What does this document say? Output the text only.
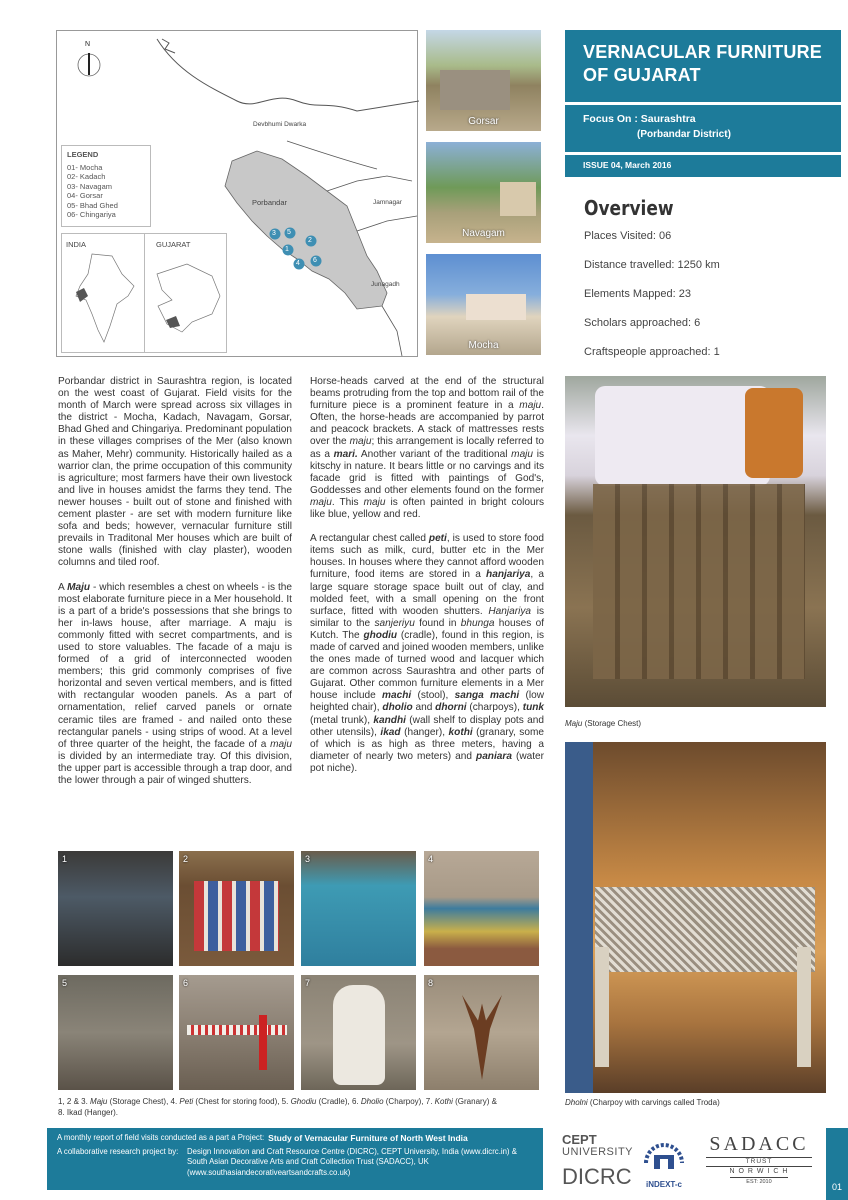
N
Devbhumi Dwarka
Porbandar	Jamnagar
Junagadh
1
2
3
4
5
6
LEGEND
01- Mocha
02- Kadach
03- Navagam
04- Gorsar
05- Bhad Ghed
06- Chingariya
INDIA	GUJARAT
Gorsar
Navagam
Mocha
VERNACULAR FURNITURE
OF GUJARAT
Focus On : Saurashtra
(Porbandar District)
ISSUE 04, March 2016
Overview
Places Visited: 06
Distance travelled: 1250 km
Elements Mapped: 23
Scholars approached: 6
Craftspeople approached: 1

Porbandar district in Saurashtra region, is located on the west coast of Gujarat. Field visits for the month of March were spread across six villages in the district - Mocha, Kadach, Navagam, Gorsar, Bhad Ghed and Chingariya. Predominant population in these villages comprises of the Mer (also known as Maher, Mehr) community. Historically hailed as a warrior clan, the prime occupation of this community is agriculture; most farmers have their own livestock and live in houses amidst the farms they tend. The newer houses - built out of stone and finished with cement plaster - are set with modern furniture like sofa and beds; however, vernacular furniture still prevails in Traditonal Mer houses which are built of stone walls (finished with clay plaster), wooden columns and tiled roof.

A Maju - which resembles a chest on wheels - is the most elaborate furniture piece in a Mer household. It is a part of a bride's possessions that she brings to her in-laws house, after marriage. A maju is commonly fitted with secret compartments, and is used to store valuables. The facade of a maju is formed of a grid of interconnected wooden members; this grid commonly comprises of five horizontal and seven vertical members, and is fitted with rectangular wooden panels. As a part of ornamentation, relief carved panels or ornate ceramic tiles are framed - and nailed onto these rectangular panels - using strips of wood. At a level of three quarter of the height, the facade of a maju is divided by an intermediate tray. Of this division, the upper part is accessible through a trap door, and the lower through a pair of winged shutters.

Horse-heads carved at the end of the structural beams protruding from the top and bottom rail of the furniture piece is a prominent feature in a maju. Often, the horse-heads are accompanied by parrot and peacock brackets. A stack of mattresses rests over the maju; this arrangement is locally referred to as a mari. Another variant of the traditional maju is kitschy in nature. It bears little or no carvings and its facade grid is fitted with paintings of God's, Goddesses and other elements found on the former maju. This maju is often painted in bright colours like blue, yellow and red.

A rectangular chest called peti, is used to store food items such as milk, curd, butter etc in the Mer houses. In houses where they cannot afford wooden furniture, food items are stored in a hanjariya, a large square storage space built out of clay, and molded feet, with a small opening on the front surface, fitted with wooden shutters. Hanjariya is similar to the sanjeriyu found in bhunga houses of Kutch. The ghodiu (cradle), found in this region, is made of carved and joined wooden members, unlike the ones made of turned wood and lacquer which are common across Saurashtra and other parts of Gujarat. Other common furniture elements in a Mer house include machi (stool), sanga machi (low heighted chair), dholio and dhorni (charpoys), tunk (metal trunk), kandhi (wall shelf to display pots and other utensils), ikad (hanger), kothi (granary, some of which is as high as three meters, having a diameter of nearly two meters) and paniara (water pot niche).

Maju (Storage Chest)
Dholni (Charpoy with carvings called Troda)
1	2	3	4
5	6	7	8
1, 2 & 3. Maju (Storage Chest), 4. Peti (Chest for storing food), 5. Ghodiu (Cradle), 6. Dholio (Charpoy), 7. Kothi (Granary) &
8. Ikad (Hanger).
A monthly report of field visits conducted as a part a Project: Study of Vernacular Furniture of North West India
A collaborative research project by:	Design Innovation and Craft Resource Centre (DICRC), CEPT University, India (www.dicrc.in) &
South Asian Decorative Arts and Craft Collection Trust (SADACC), UK
(www.southasiandecorativeartsandcrafts.co.uk)
CEPT
UNIVERSITY
DICRC	iNDEXT-c
SADACC
TRUST
N O R W I C H
EST: 2010	01
